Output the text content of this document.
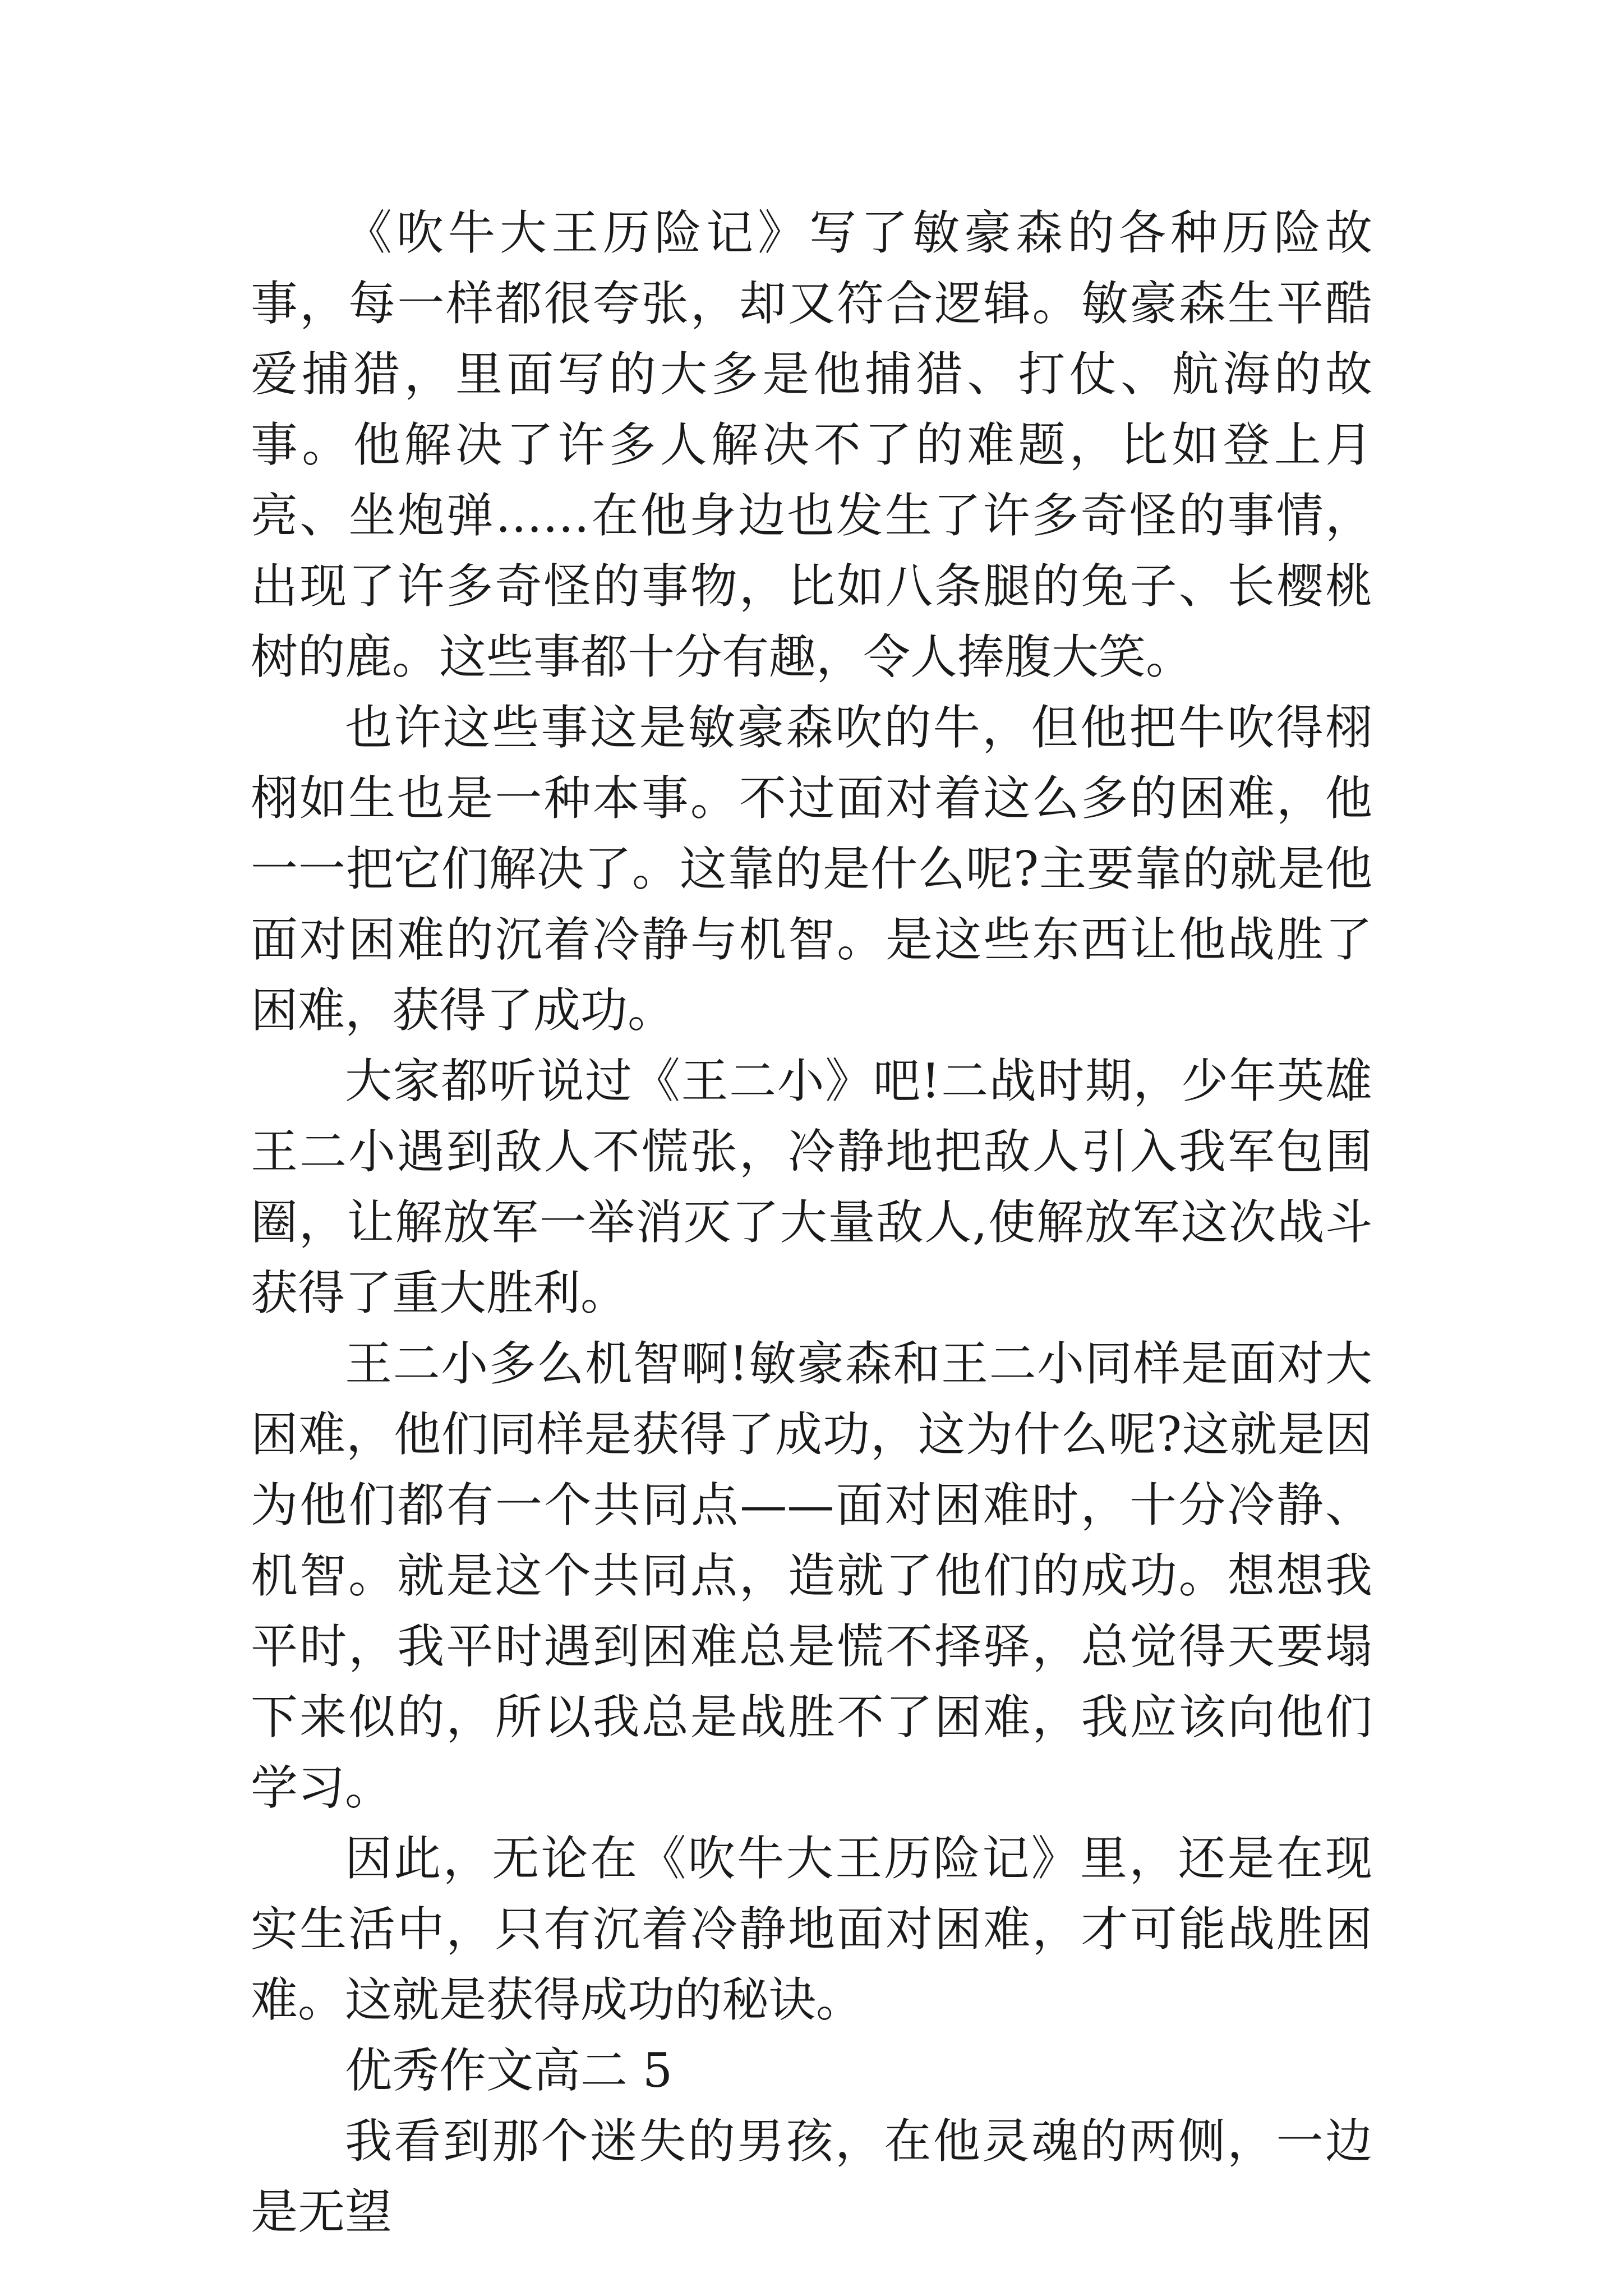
《吹牛大王历险记》写了敏豪森的各种历险故事，每一样都很夸张，却又符合逻辑。敏豪森生平酷爱捕猎，里面写的大多是他捕猎、打仗、航海的故事。他解决了许多人解决不了的难题，比如登上月亮、坐炮弹……在他身边也发生了许多奇怪的事情，出现了许多奇怪的事物，比如八条腿的兔子、长樱桃树的鹿。这些事都十分有趣，令人捧腹大笑。

也许这些事这是敏豪森吹的牛，但他把牛吹得栩栩如生也是一种本事。不过面对着这么多的困难，他一一把它们解决了。这靠的是什么呢?主要靠的就是他面对困难的沉着冷静与机智。是这些东西让他战胜了困难，获得了成功。

大家都听说过《王二小》吧!二战时期，少年英雄王二小遇到敌人不慌张，冷静地把敌人引入我军包围圈，让解放军一举消灭了大量敌人,使解放军这次战斗获得了重大胜利。

王二小多么机智啊!敏豪森和王二小同样是面对大困难，他们同样是获得了成功，这为什么呢?这就是因为他们都有一个共同点——面对困难时，十分冷静、机智。就是这个共同点，造就了他们的成功。想想我平时，我平时遇到困难总是慌不择驿，总觉得天要塌下来似的，所以我总是战胜不了困难，我应该向他们学习。

因此，无论在《吹牛大王历险记》里，还是在现实生活中，只有沉着冷静地面对困难，才可能战胜困难。这就是获得成功的秘诀。

优秀作文高二 5

我看到那个迷失的男孩，在他灵魂的两侧，一边是无望
